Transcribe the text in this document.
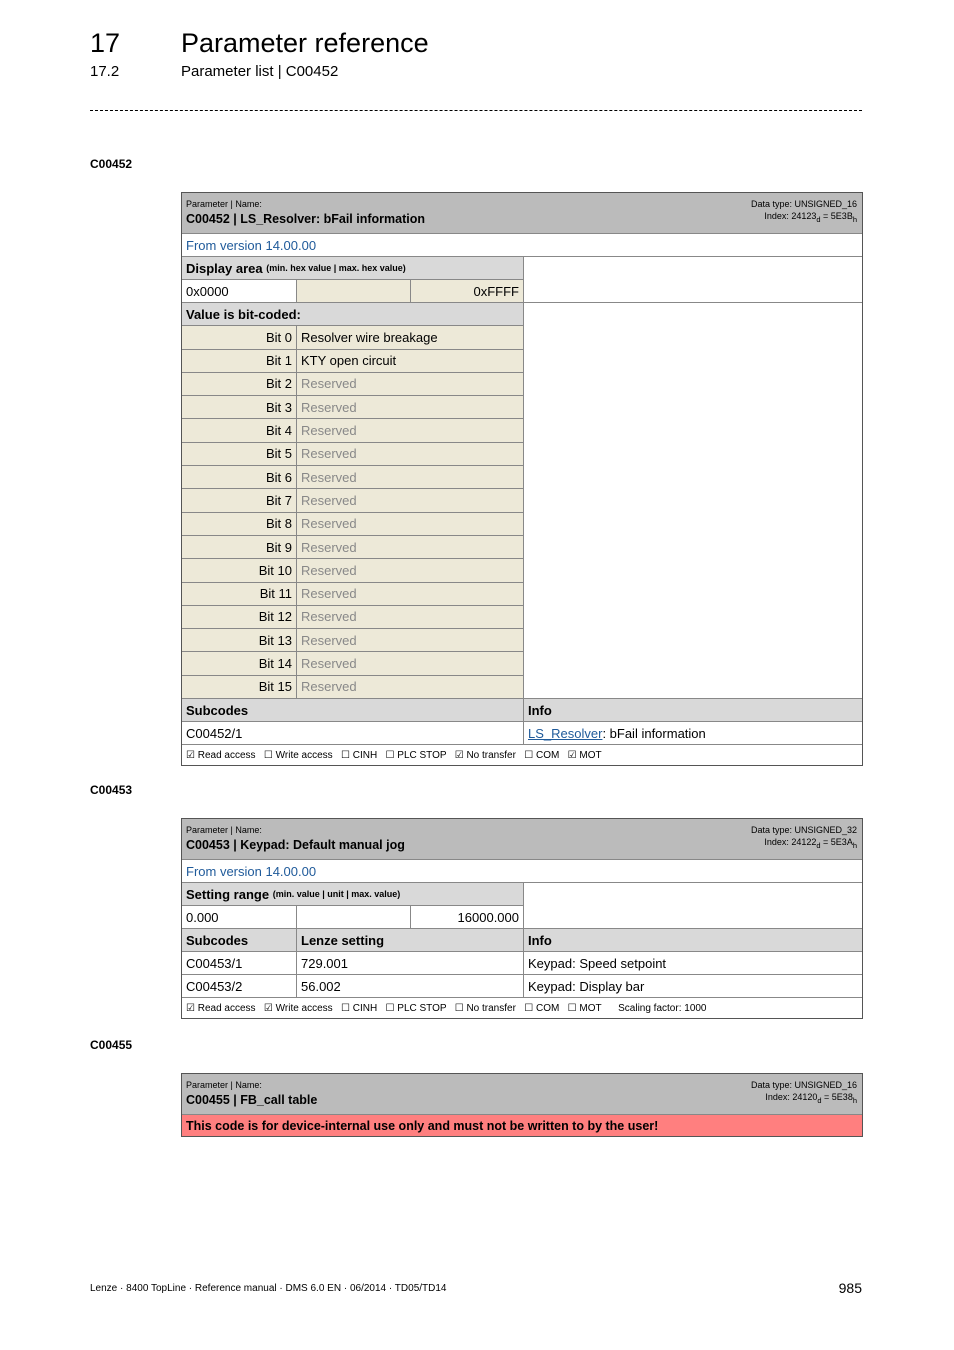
17 Parameter reference
17.2	Parameter list | C00452
C00452
Parameter | Name:
C00452 | LS_Resolver: bFail information
Data type: UNSIGNED_16
Index: $24123_d = 5E3B_h$
From version 14.00.00
Display area
(min. hex value | max. hex value)
0x0000	0xFFFF
Value is bit-coded:
Bit 0 Resolver wire breakage
Bit 1 KTY open circuit
Bit 2 Reserved
Bit 3 Reserved
Bit 4 Reserved
Bit 5 Reserved
Bit 6 Reserved
Bit 7 Reserved
Bit 8 Reserved
Bit 9 Reserved
Bit 10 Reserved
Bit 11 Reserved
Bit 12 Reserved
Bit 13 Reserved
Bit 14 Reserved
Bit 15 Reserved
Subcodes	Info
C00452/1	LS_Resolver : bFail information
☑ Read access   ☐ Write access   ☐ CINH   ☐ PLC STOP   ☑ No transfer   ☐ COM   ☑ MOT
C00453
Parameter | Name:
C00453 | Keypad: Default manual jog
Data type: UNSIGNED_32
Index: $24122_d = 5E3A_h$
From version 14.00.00
Setting range
(min. value | unit | max. value)
0.000	16000.000
Subcodes	Lenze setting	Info
C00453/1	729.001	Keypad: Speed setpoint
C00453/2	56.002	Keypad: Display bar
☑ Read access   ☑ Write access   ☐ CINH   ☐ PLC STOP   ☐ No transfer   ☐ COM   ☐ MOT      Scaling factor: 1000
C00455
Parameter | Name:
C00455 | FB_call table
Data type: UNSIGNED_16
Index: $24120_d = 5E38_h$
This code is for device-internal use only and must not be written to by the user!
Lenze · 8400 TopLine · Reference manual · DMS 6.0 EN · 06/2014 · TD05/TD14	985
